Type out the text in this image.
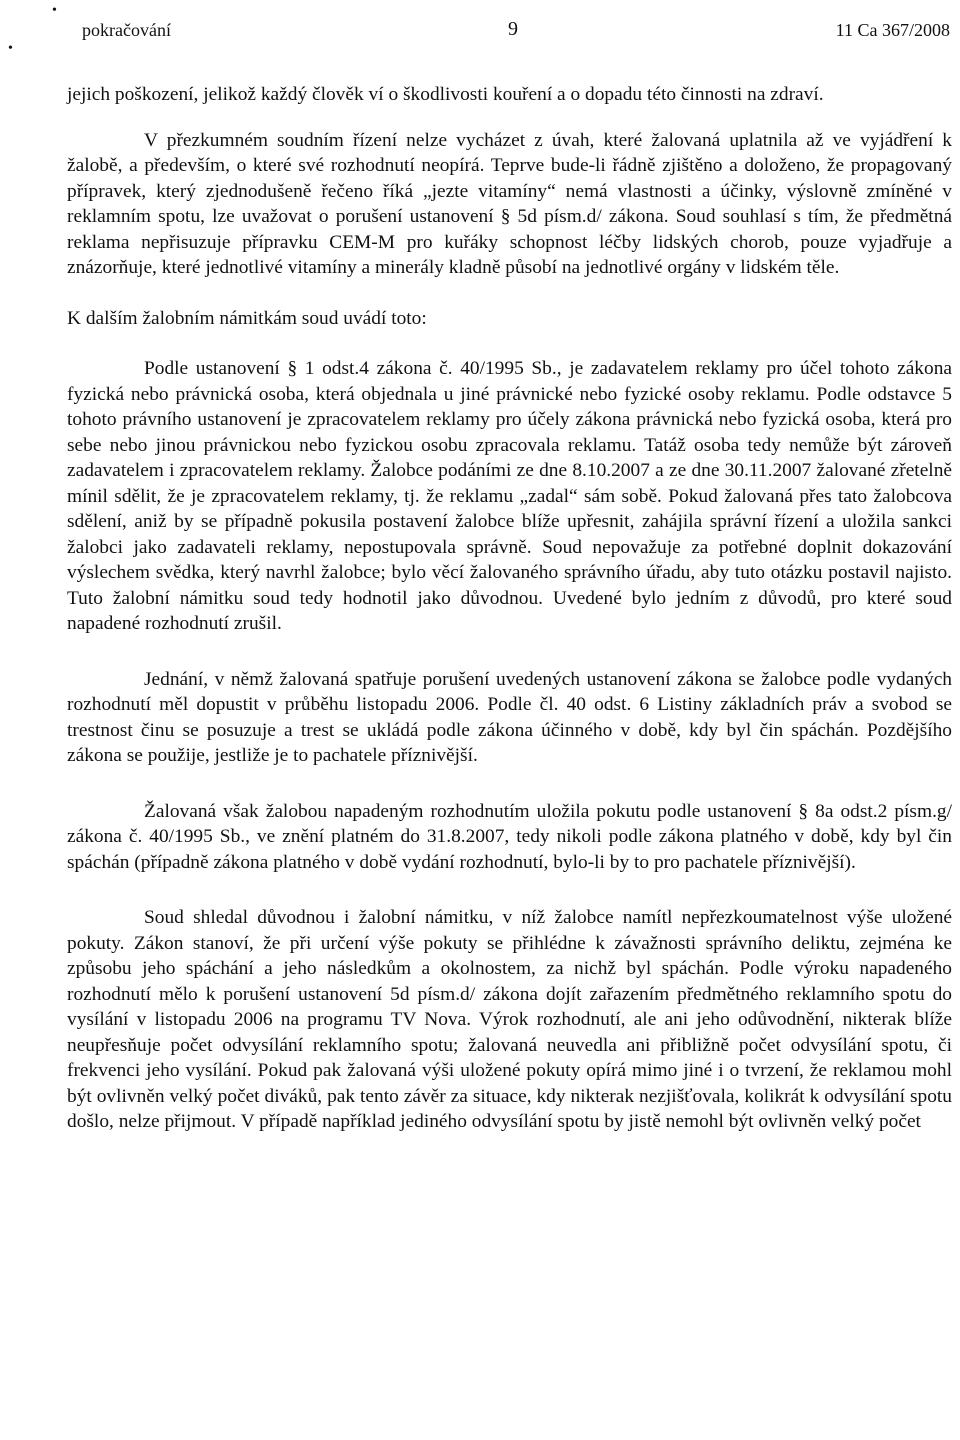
•
•
pokračování	9	11 Ca 367/2008

jejich poškození, jelikož každý člověk ví o škodlivosti kouření a o dopadu této činnosti na zdraví.

V přezkumném soudním řízení nelze vycházet z úvah, které žalovaná uplatnila až ve vyjádření k žalobě, a především, o které své rozhodnutí neopírá. Teprve bude-li řádně zjištěno a doloženo, že propagovaný přípravek, který zjednodušeně řečeno říká „jezte vitamíny“ nemá vlastnosti a účinky, výslovně zmíněné v reklamním spotu, lze uvažovat o porušení ustanovení § 5d písm.d/ zákona. Soud souhlasí s tím, že předmětná reklama nepřisuzuje přípravku CEM-M pro kuřáky schopnost léčby lidských chorob, pouze vyjadřuje a znázorňuje, které jednotlivé vitamíny a minerály kladně působí na jednotlivé orgány v lidském těle.

K dalším žalobním námitkám soud uvádí toto:

Podle ustanovení § 1 odst.4 zákona č. 40/1995 Sb., je zadavatelem reklamy pro účel tohoto zákona fyzická nebo právnická osoba, která objednala u jiné právnické nebo fyzické osoby reklamu. Podle odstavce 5 tohoto právního ustanovení je zpracovatelem reklamy pro účely zákona právnická nebo fyzická osoba, která pro sebe nebo jinou právnickou nebo fyzickou osobu zpracovala reklamu. Tatáž osoba tedy nemůže být zároveň zadavatelem i zpracovatelem reklamy. Žalobce podáními ze dne 8.10.2007 a ze dne 30.11.2007 žalované zřetelně mínil sdělit, že je zpracovatelem reklamy, tj. že reklamu „zadal“ sám sobě. Pokud žalovaná přes tato žalobcova sdělení, aniž by se případně pokusila postavení žalobce blíže upřesnit, zahájila správní řízení a uložila sankci žalobci jako zadavateli reklamy, nepostupovala správně. Soud nepovažuje za potřebné doplnit dokazování výslechem svědka, který navrhl žalobce; bylo věcí žalovaného správního úřadu, aby tuto otázku postavil najisto. Tuto žalobní námitku soud tedy hodnotil jako důvodnou. Uvedené bylo jedním z důvodů, pro které soud napadené rozhodnutí zrušil.

Jednání, v němž žalovaná spatřuje porušení uvedených ustanovení zákona se žalobce podle vydaných rozhodnutí měl dopustit v průběhu listopadu 2006. Podle čl. 40 odst. 6 Listiny základních práv a svobod se trestnost činu se posuzuje a trest se ukládá podle zákona účinného v době, kdy byl čin spáchán. Pozdějšího zákona se použije, jestliže je to pachatele příznivější.

Žalovaná však žalobou napadeným rozhodnutím uložila pokutu podle ustanovení § 8a odst.2 písm.g/ zákona č. 40/1995 Sb., ve znění platném do 31.8.2007, tedy nikoli podle zákona platného v době, kdy byl čin spáchán (případně zákona platného v době vydání rozhodnutí, bylo-li by to pro pachatele příznivější).

Soud shledal důvodnou i žalobní námitku, v níž žalobce namítl nepřezkoumatelnost výše uložené pokuty. Zákon stanoví, že při určení výše pokuty se přihlédne k závažnosti správního deliktu, zejména ke způsobu jeho spáchání a jeho následkům a okolnostem, za nichž byl spáchán. Podle výroku napadeného rozhodnutí mělo k porušení ustanovení 5d písm.d/ zákona dojít zařazením předmětného reklamního spotu do vysílání v listopadu 2006 na programu TV Nova. Výrok rozhodnutí, ale ani jeho odůvodnění, nikterak blíže neupřesňuje počet odvysílání reklamního spotu; žalovaná neuvedla ani přibližně počet odvysílání spotu, či frekvenci jeho vysílání. Pokud pak žalovaná výši uložené pokuty opírá mimo jiné i o tvrzení, že reklamou mohl být ovlivněn velký počet diváků, pak tento závěr za situace, kdy nikterak nezjišťovala, kolikrát k odvysílání spotu došlo, nelze přijmout. V případě například jediného odvysílání spotu by jistě nemohl být ovlivněn velký počet
